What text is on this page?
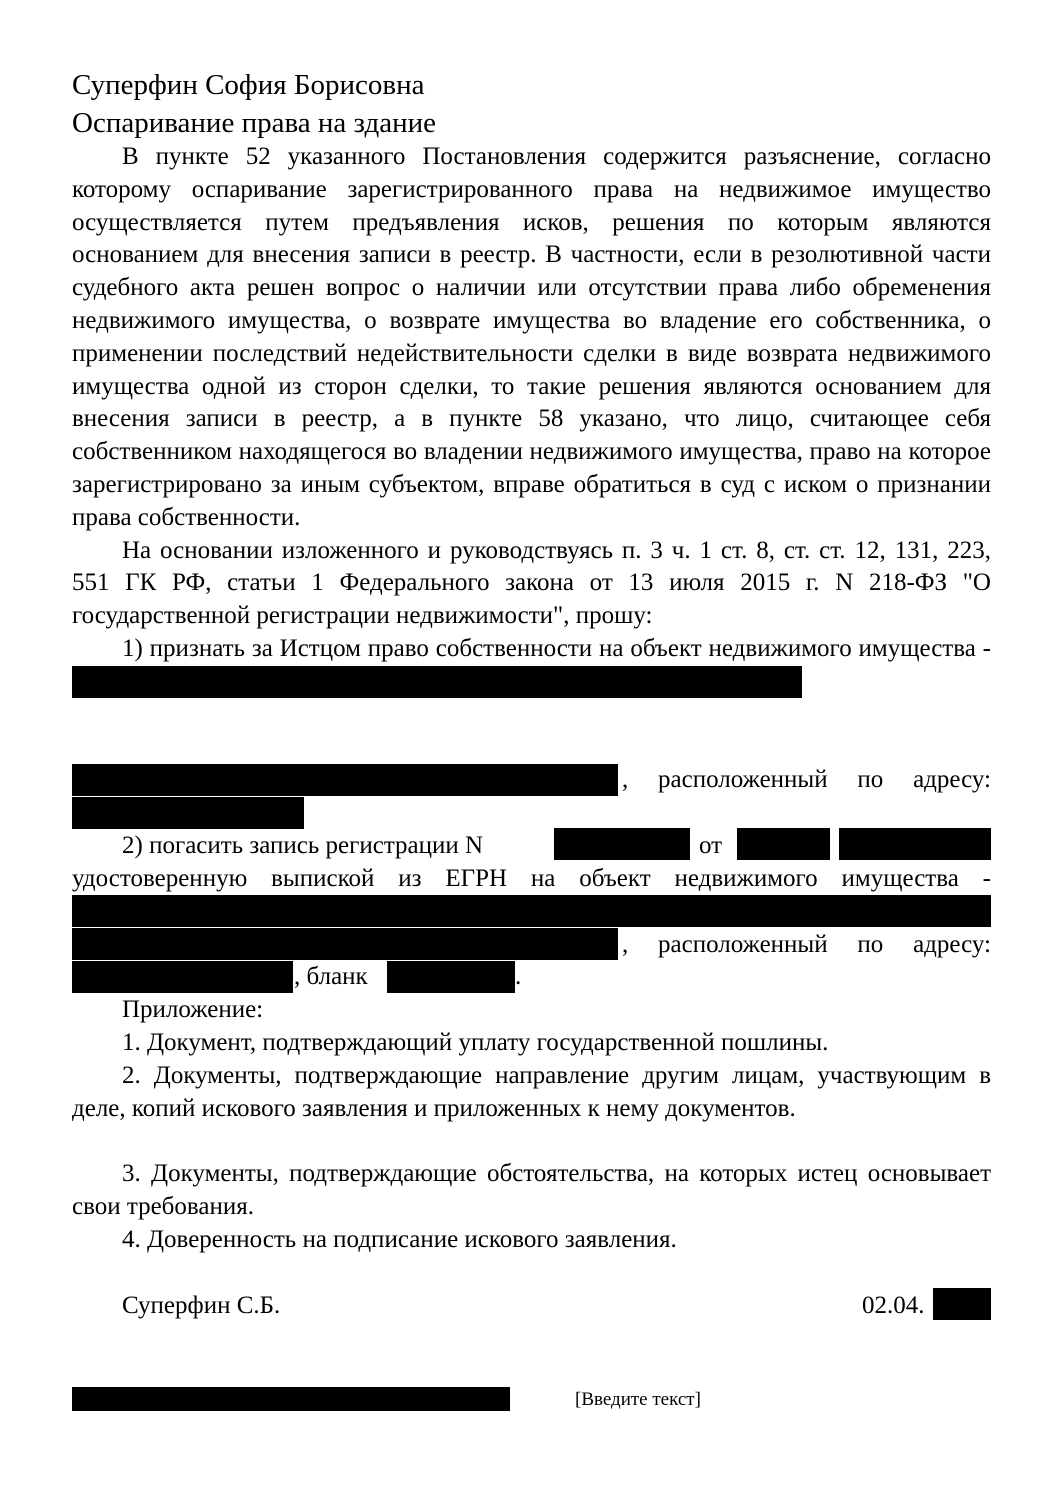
Суперфин София Борисовна
Оспаривание права на здание

В пункте 52 указанного Постановления содержится разъяснение, согласно которому оспаривание зарегистрированного права на недвижимое имущество осуществляется путем предъявления исков, решения по которым являются основанием для внесения записи в реестр. В частности, если в резолютивной части судебного акта решен вопрос о наличии или отсутствии права либо обременения недвижимого имущества, о возврате имущества во владение его собственника, о применении последствий недействительности сделки в виде возврата недвижимого имущества одной из сторон сделки, то такие решения являются основанием для внесения записи в реестр, а в пункте 58 указано, что лицо, считающее себя собственником находящегося во владении недвижимого имущества, право на которое зарегистрировано за иным субъектом, вправе обратиться в суд с иском о признании права собственности.

На основании изложенного и руководствуясь п. 3 ч. 1 ст. 8, ст. ст. 12, 131, 223, 551 ГК РФ, статьи 1 Федерального закона от 13 июля 2015 г. N 218-ФЗ "О государственной регистрации недвижимости", прошу:

1) признать за Истцом право собственности на объект недвижимого имущества -

, расположенный по адресу:
2) погасить запись регистрации N	от
удостоверенную выпиской из ЕГРН на объект недвижимого имущества -
, расположенный по адресу:
, бланк	.
Приложение:
1. Документ, подтверждающий уплату государственной пошлины.
2. Документы, подтверждающие направление другим лицам, участвующим в деле, копий искового заявления и приложенных к нему документов.
3. Документы, подтверждающие обстоятельства, на которых истец основывает свои требования.
4. Доверенность на подписание искового заявления.
Суперфин С.Б.	02.04.
[Введите текст]
